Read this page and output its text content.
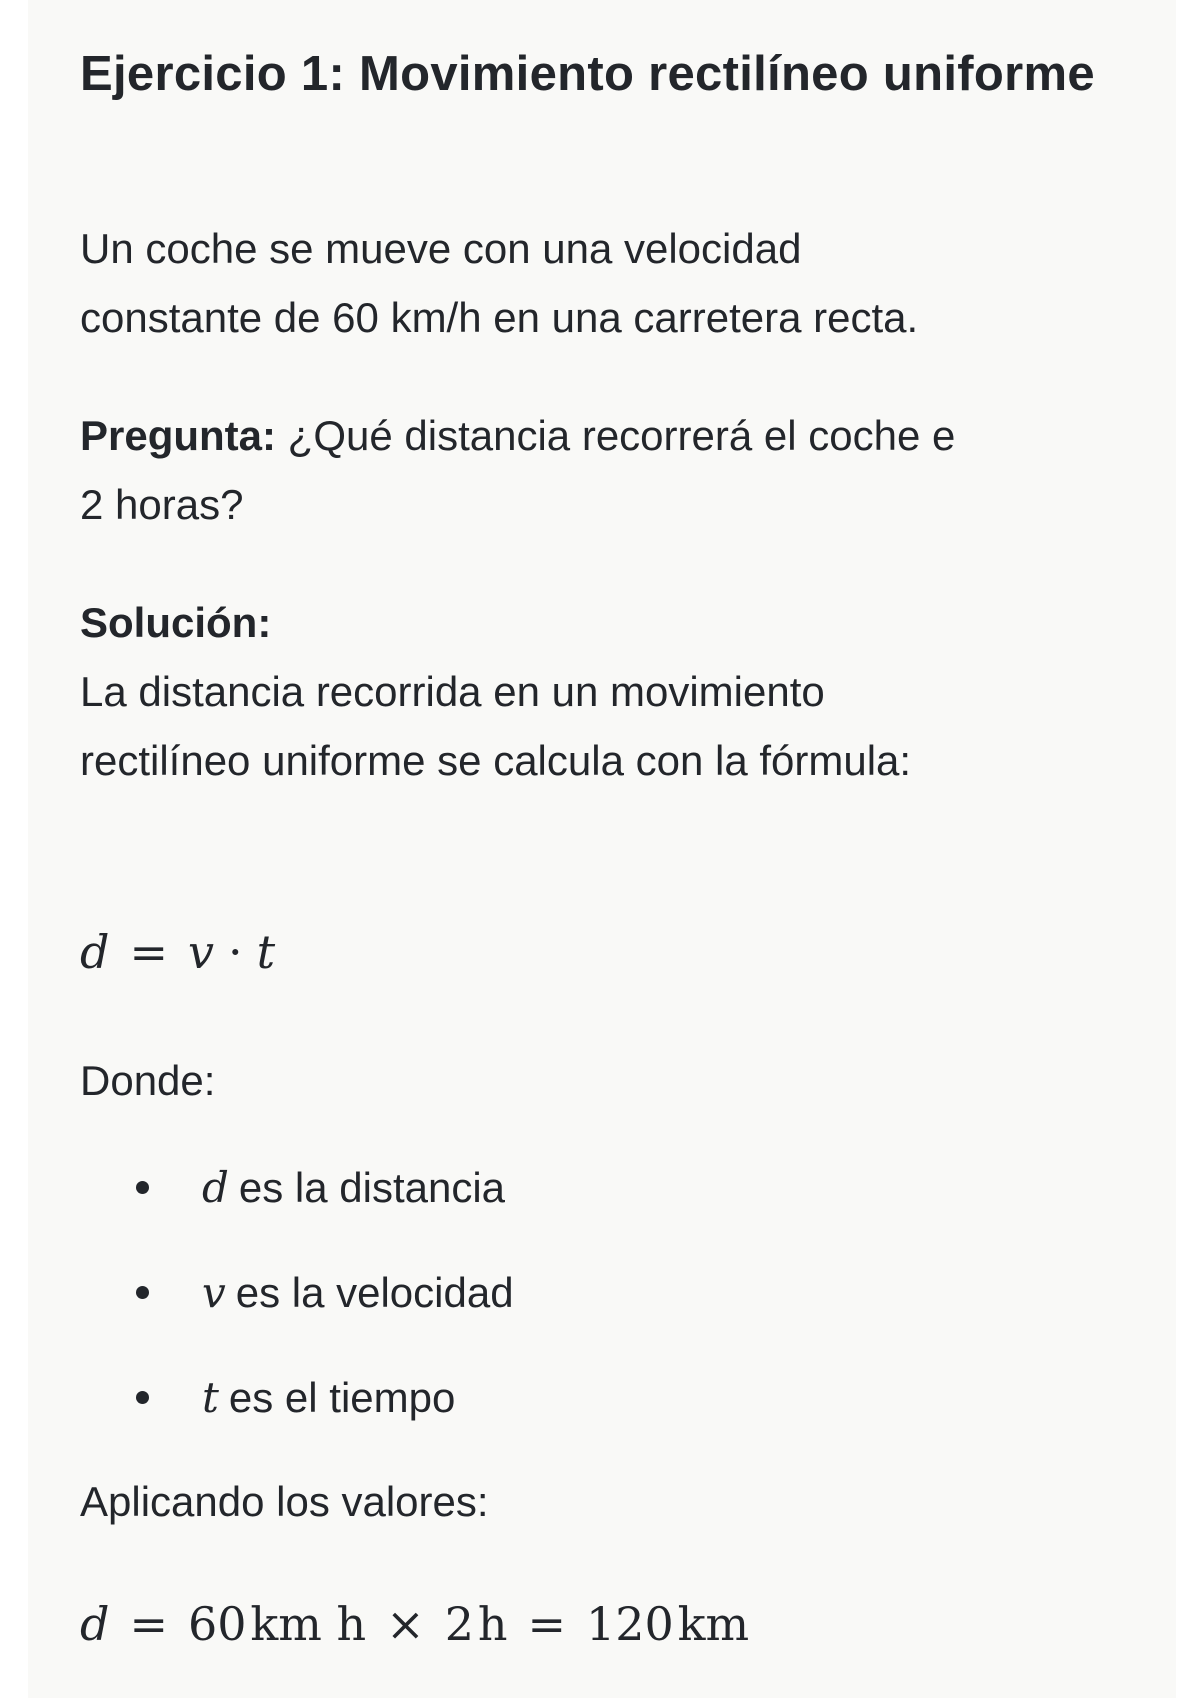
Ejercicio 1: Movimiento rectilíneo uniforme
Un coche se mueve con una velocidad
constante de 60 km/h en una carretera recta.
Pregunta: ¿Qué distancia recorrerá el coche e
2 horas?
Solución:
La distancia recorrida en un movimiento
rectilíneo uniforme se calcula con la fórmula:
d = v · t
Donde:
d es la distancia
v es la velocidad
t es el tiempo
Aplicando los valores:
d = 60 km h × 2 h = 120 km
